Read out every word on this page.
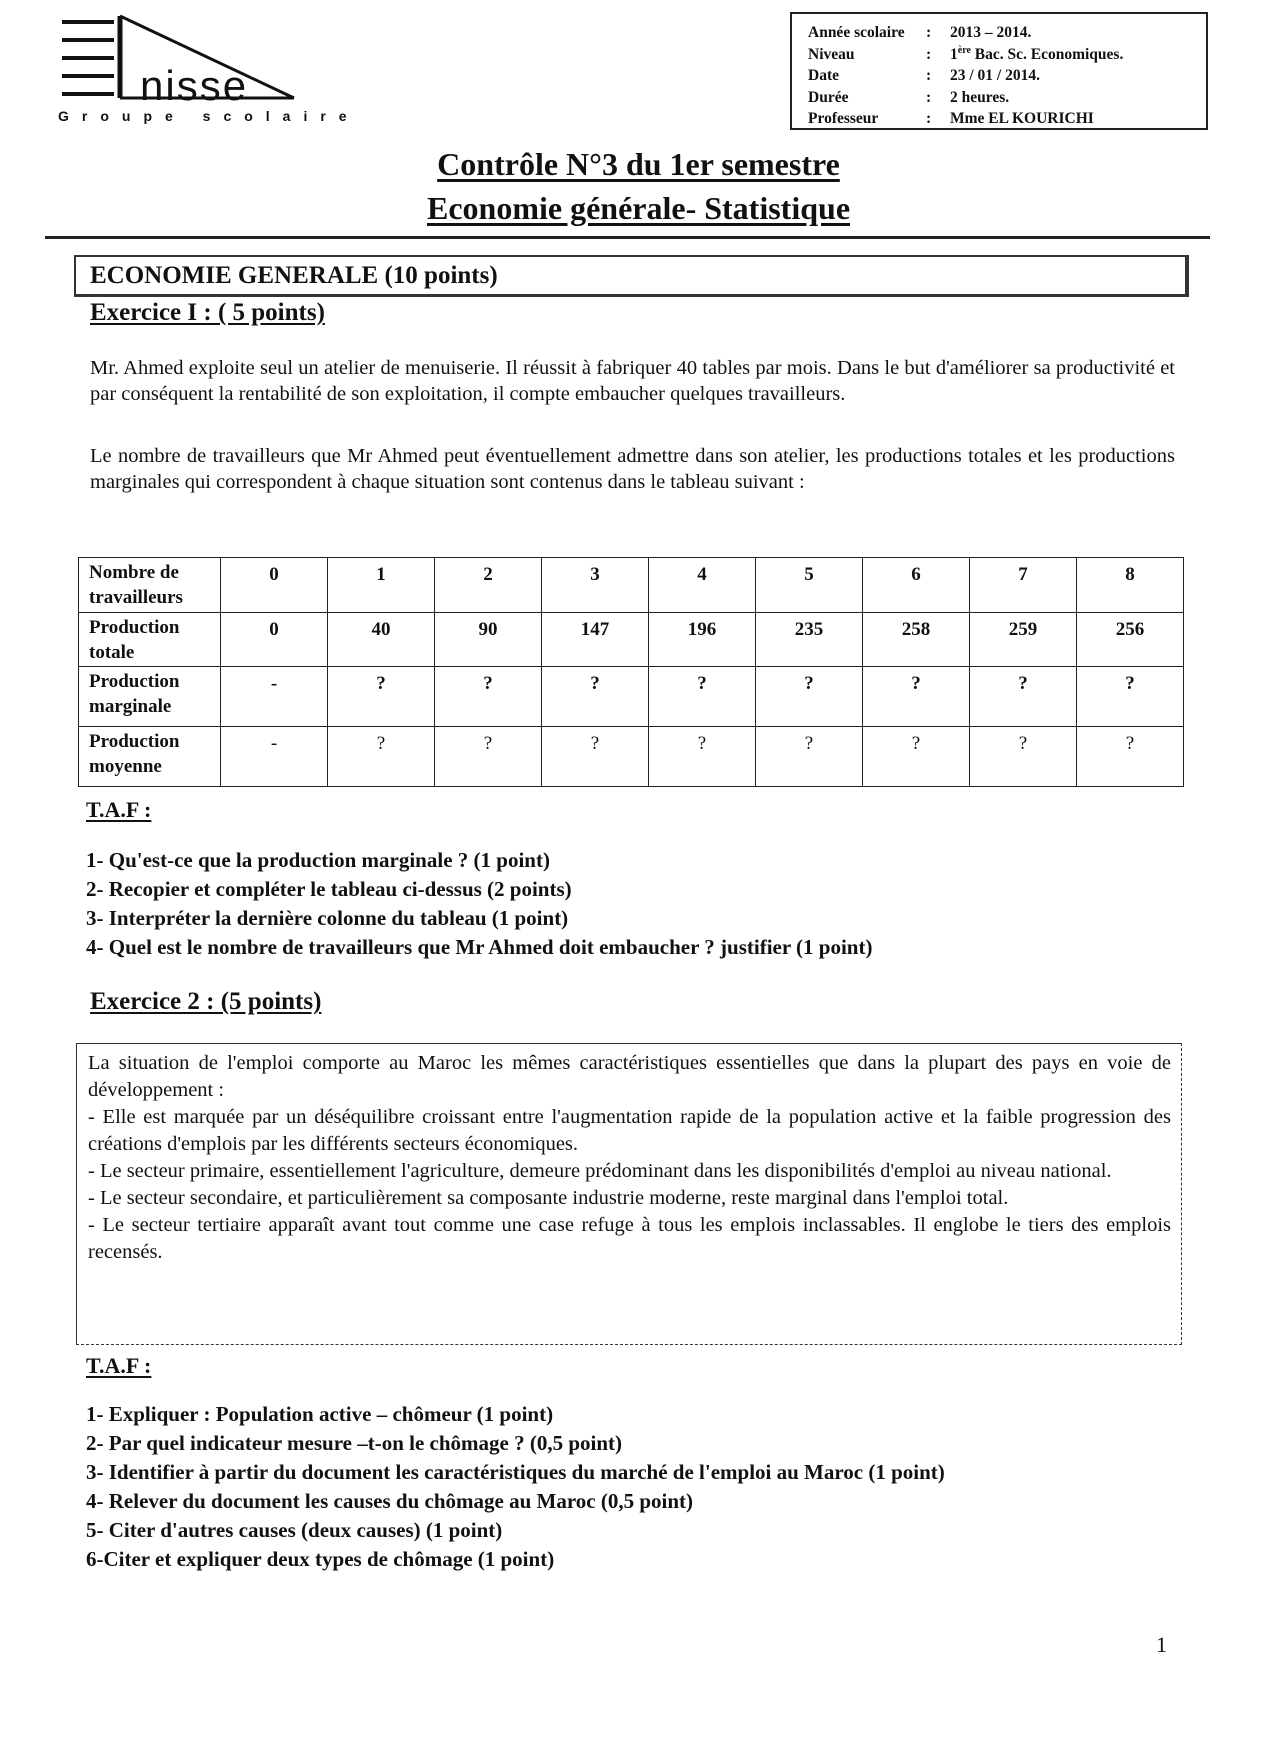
nisse
Groupe scolaire
Année scolaire	:	2013 – 2014.
Niveau	:	1ère Bac. Sc. Economiques.
Date	:	23 / 01 / 2014.
Durée	:	2 heures.
Professeur	:	Mme EL KOURICHI
Contrôle N°3 du 1er semestre
Economie générale- Statistique
ECONOMIE GENERALE (10 points)
Exercice I : ( 5 points)
Mr. Ahmed exploite seul un atelier de menuiserie. Il réussit à fabriquer 40 tables par mois. Dans le but d'améliorer sa productivité et par conséquent la rentabilité de son exploitation, il compte embaucher quelques travailleurs.
Le nombre de travailleurs que Mr Ahmed peut éventuellement admettre dans son atelier, les productions totales et les productions marginales qui correspondent à chaque situation sont contenus dans le tableau suivant :
Nombre de travailleurs	0	1	2	3	4	5	6	7	8
Production totale	0	40	90	147	196	235	258	259	256
Production marginale	-	?	?	?	?	?	?	?	?
Production moyenne	-	?	?	?	?	?	?	?	?
T.A.F :
1- Qu'est-ce que la production marginale ? (1 point)
2- Recopier et compléter le tableau ci-dessus (2 points)
3- Interpréter la dernière colonne du tableau (1 point)
4- Quel est le nombre de travailleurs que Mr Ahmed doit embaucher ? justifier (1 point)
Exercice 2 : (5 points)

La situation de l'emploi comporte au Maroc les mêmes caractéristiques essentielles que dans la plupart des pays en voie de développement :

- Elle est marquée par un déséquilibre croissant entre l'augmentation rapide de la population active et la faible progression des créations d'emplois par les différents secteurs économiques.

- Le secteur primaire, essentiellement l'agriculture, demeure prédominant dans les disponibilités d'emploi au niveau national.

- Le secteur secondaire, et particulièrement sa composante industrie moderne, reste marginal dans l'emploi total.

- Le secteur tertiaire apparaît avant tout comme une case refuge à tous les emplois inclassables. Il englobe le tiers des emplois recensés.

T.A.F :
1- Expliquer : Population active – chômeur (1 point)
2- Par quel indicateur mesure –t-on le chômage ? (0,5 point)
3- Identifier à partir du document les caractéristiques du marché de l'emploi au Maroc (1 point)
4- Relever du document les causes du chômage au Maroc (0,5 point)
5- Citer d'autres causes (deux causes) (1 point)
6-Citer et expliquer deux types de chômage (1 point)
1
